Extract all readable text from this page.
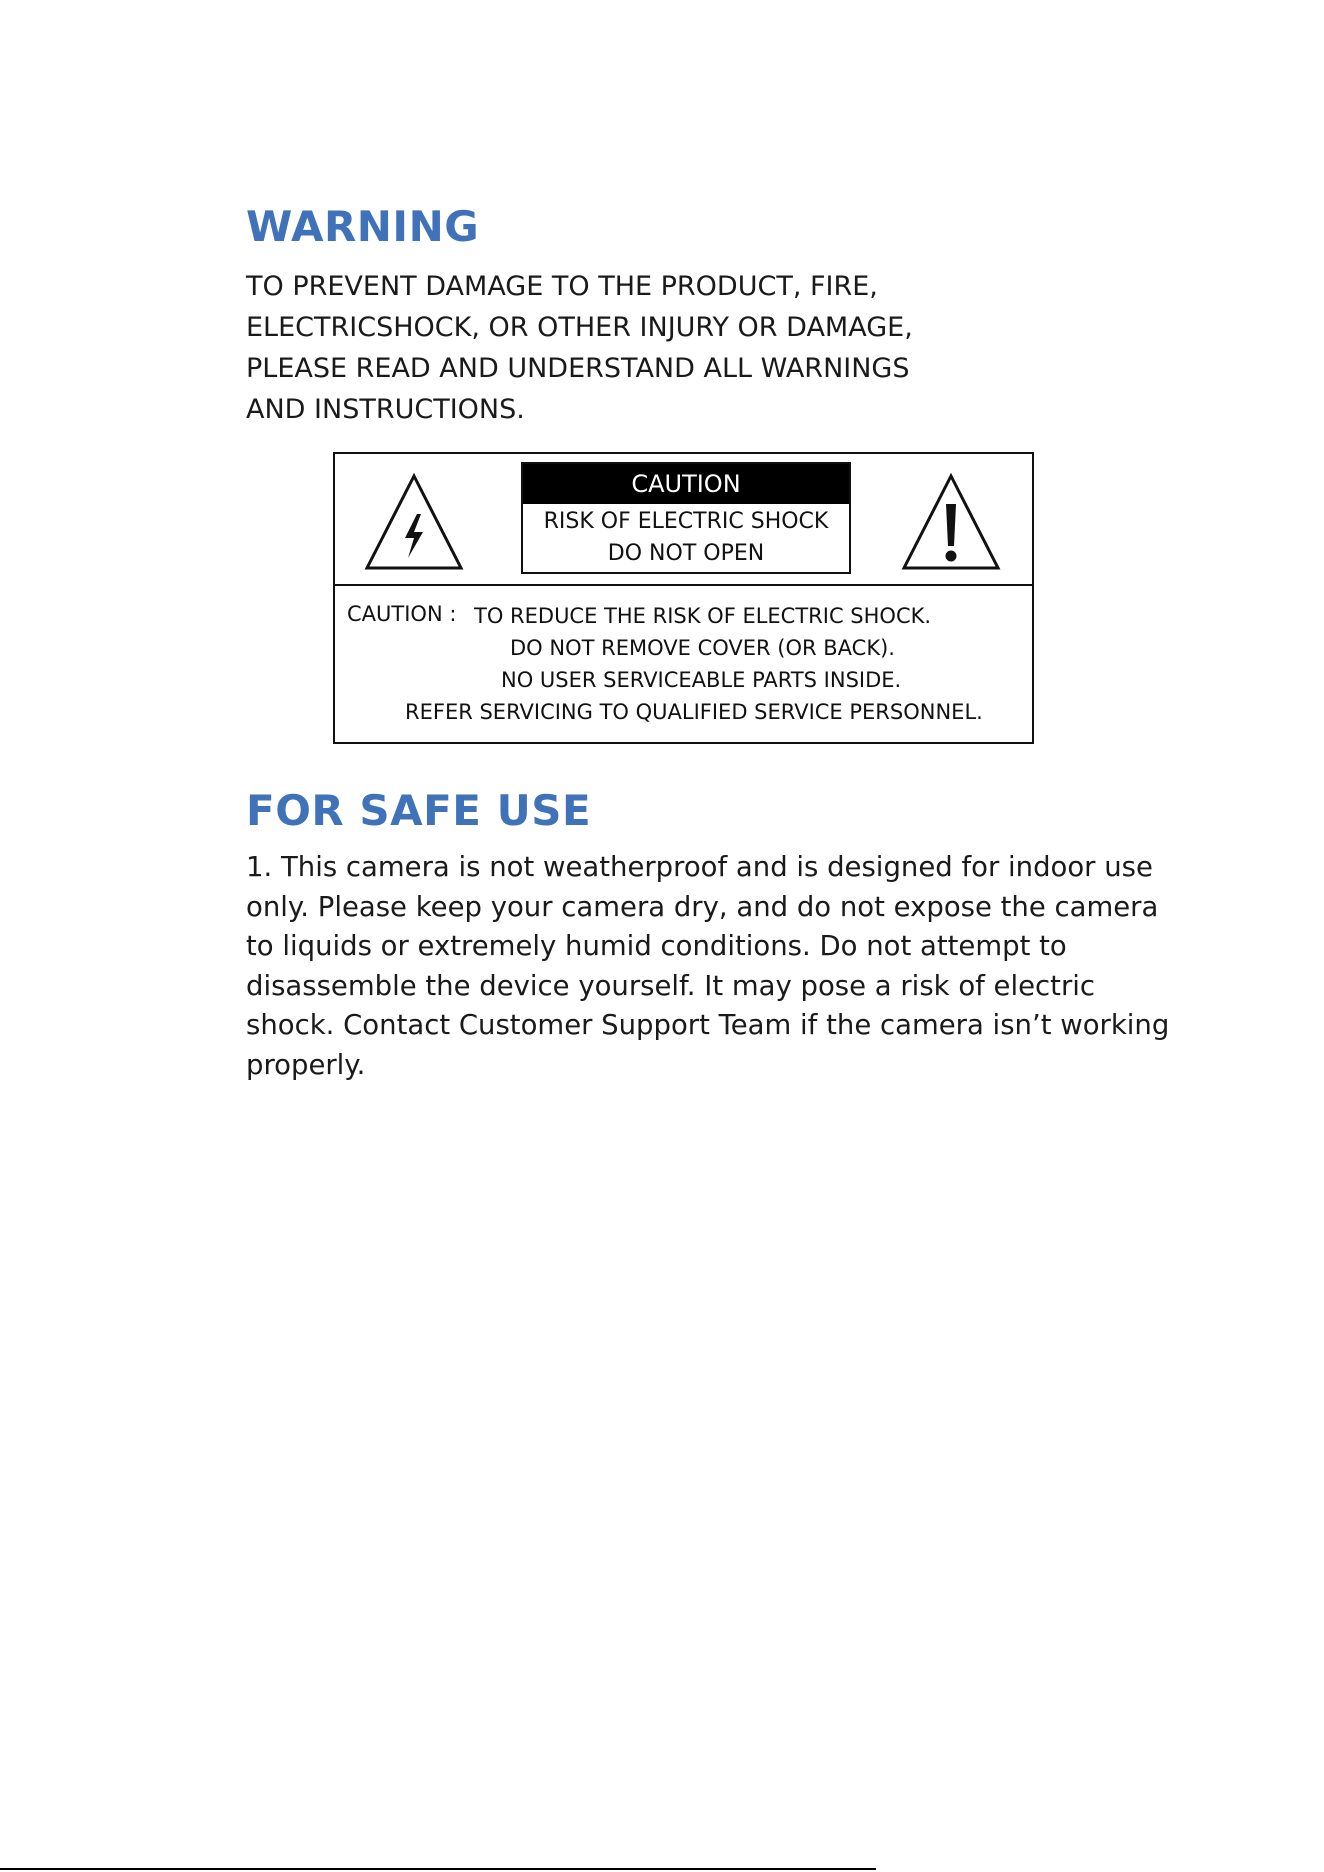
WARNING
TO PREVENT DAMAGE TO THE PRODUCT, FIRE,
ELECTRICSHOCK, OR OTHER INJURY OR DAMAGE,
PLEASE READ AND UNDERSTAND ALL WARNINGS
AND INSTRUCTIONS.
CAUTION
RISK OF ELECTRIC SHOCK
DO NOT OPEN
CAUTION : TO REDUCE THE RISK OF ELECTRIC SHOCK.
DO NOT REMOVE COVER (OR BACK).
NO USER SERVICEABLE PARTS INSIDE.
REFER SERVICING TO QUALIFIED SERVICE PERSONNEL.
FOR SAFE USE
1. This camera is not weatherproof and is designed for indoor use
only. Please keep your camera dry, and do not expose the camera
to liquids or extremely humid conditions. Do not attempt to
disassemble the device yourself. It may pose a risk of electric
shock. Contact Customer Support Team if the camera isn’t working
properly.
